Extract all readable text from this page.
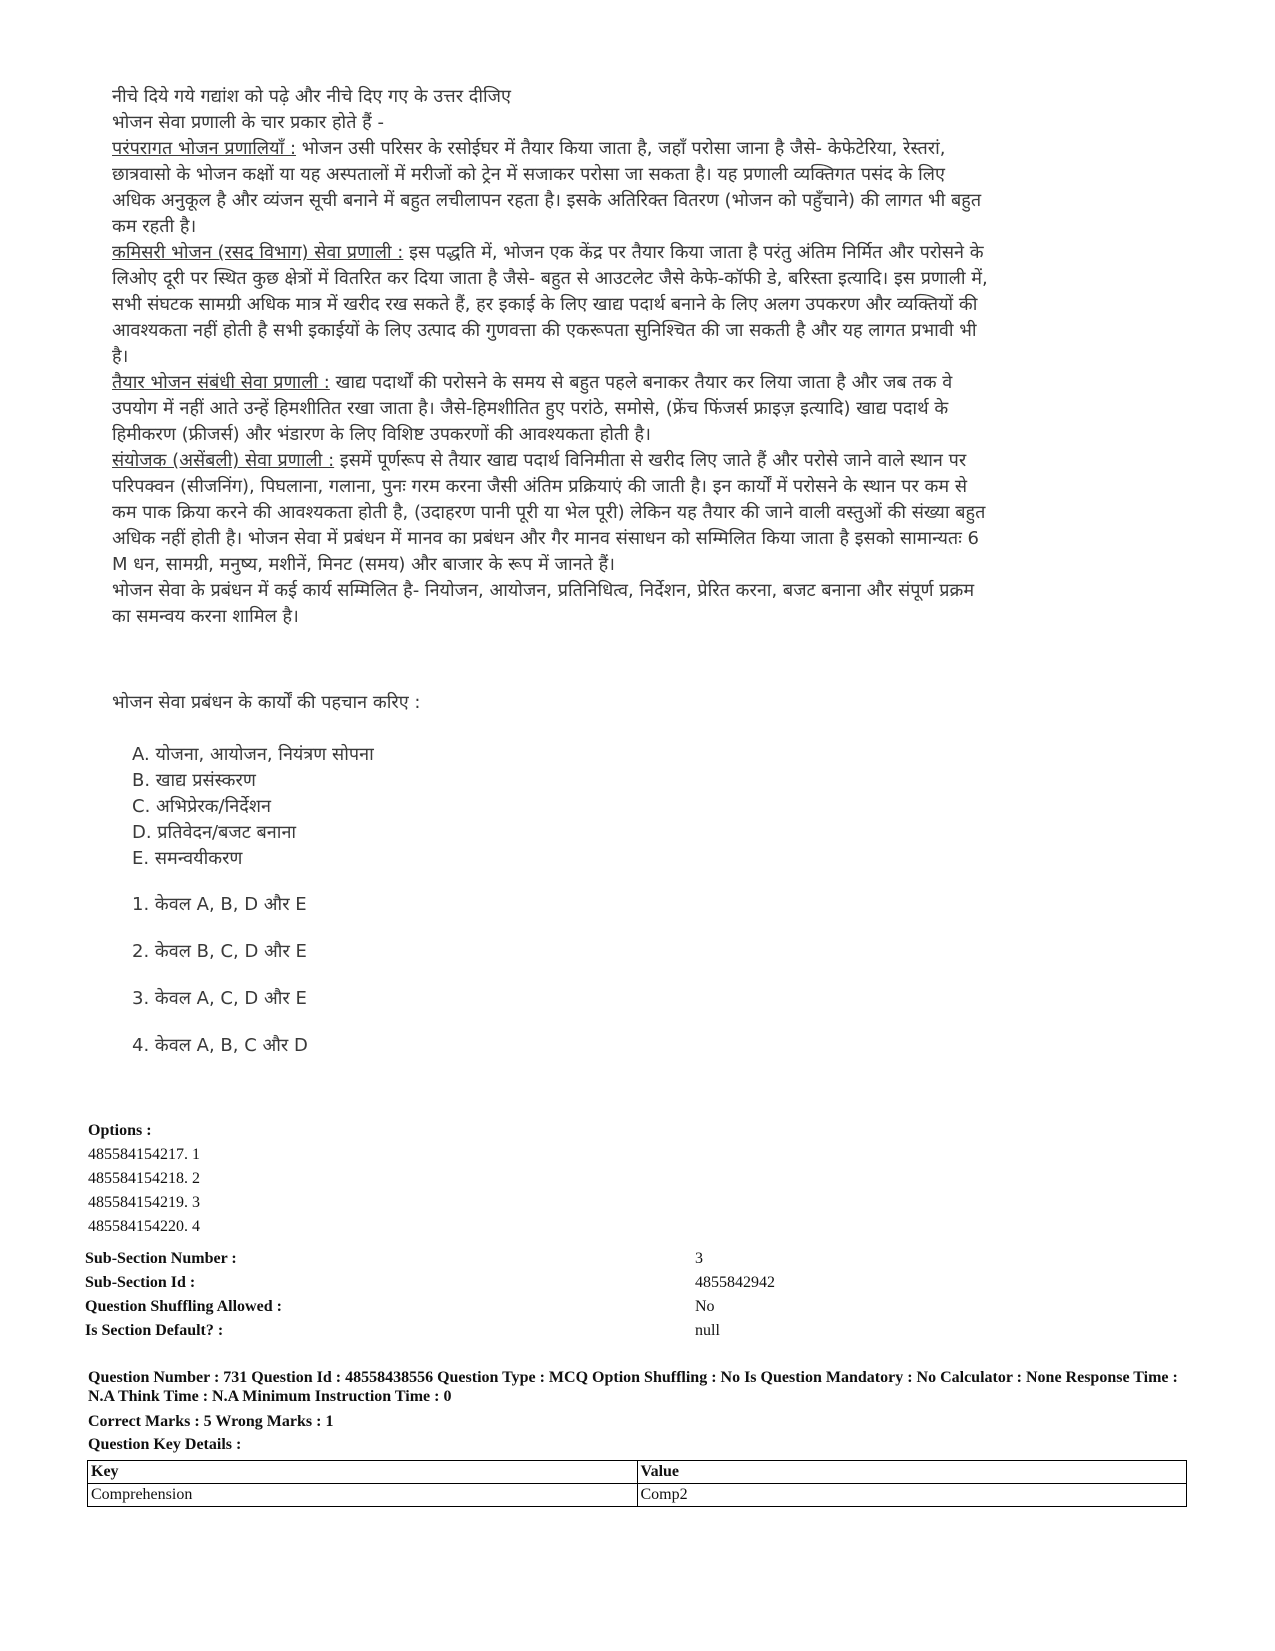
नीचे दिये गये गद्यांश को पढ़े और नीचे दिए गए के उत्तर दीजिए

भोजन सेवा प्रणाली के चार प्रकार होते हैं -

परंपरागत भोजन प्रणालियाँ : भोजन उसी परिसर के रसोईघर में तैयार किया जाता है, जहाँ परोसा जाना है जैसे- केफेटेरिया, रेस्तरां, छात्रवासो के भोजन कक्षों या यह अस्पतालों में मरीजों को ट्रेन में सजाकर परोसा जा सकता है। यह प्रणाली व्यक्तिगत पसंद के लिए अधिक अनुकूल है और व्यंजन सूची बनाने में बहुत लचीलापन रहता है। इसके अतिरिक्त वितरण (भोजन को पहुँचाने) की लागत भी बहुत कम रहती है।

कमिसरी भोजन (रसद विभाग) सेवा प्रणाली : इस पद्धति में, भोजन एक केंद्र पर तैयार किया जाता है परंतु अंतिम निर्मित और परोसने के लिओए दूरी पर स्थित कुछ क्षेत्रों में वितरित कर दिया जाता है जैसे- बहुत से आउटलेट जैसे केफे-कॉफी डे, बरिस्ता इत्यादि। इस प्रणाली में, सभी संघटक सामग्री अधिक मात्र में खरीद रख सकते हैं, हर इकाई के लिए खाद्य पदार्थ बनाने के लिए अलग उपकरण और व्यक्तियों की आवश्यकता नहीं होती है सभी इकाईयों के लिए उत्पाद की गुणवत्ता की एकरूपता सुनिश्चित की जा सकती है और यह लागत प्रभावी भी है।

तैयार भोजन संबंधी सेवा प्रणाली : खाद्य पदार्थों की परोसने के समय से बहुत पहले बनाकर तैयार कर लिया जाता है और जब तक वे उपयोग में नहीं आते उन्हें हिमशीतित रखा जाता है। जैसे-हिमशीतित हुए परांठे, समोसे, (फ्रेंच फिंजर्स फ्राइज़ इत्यादि) खाद्य पदार्थ के हिमीकरण (फ्रीजर्स) और भंडारण के लिए विशिष्ट उपकरणों की आवश्यकता होती है।

संयोजक (असेंबली) सेवा प्रणाली : इसमें पूर्णरूप से तैयार खाद्य पदार्थ विनिमीता से खरीद लिए जाते हैं और परोसे जाने वाले स्थान पर परिपक्वन (सीजनिंग), पिघलाना, गलाना, पुनः गरम करना जैसी अंतिम प्रक्रियाएं की जाती है। इन कार्यों में परोसने के स्थान पर कम से कम पाक क्रिया करने की आवश्यकता होती है, (उदाहरण पानी पूरी या भेल पूरी) लेकिन यह तैयार की जाने वाली वस्तुओं की संख्या बहुत अधिक नहीं होती है। भोजन सेवा में प्रबंधन में मानव का प्रबंधन और गैर मानव संसाधन को सम्मिलित किया जाता है इसको सामान्यतः 6 M धन, सामग्री, मनुष्य, मशीनें, मिनट (समय) और बाजार के रूप में जानते हैं।

भोजन सेवा के प्रबंधन में कई कार्य सम्मिलित है- नियोजन, आयोजन, प्रतिनिधित्व, निर्देशन, प्रेरित करना, बजट बनाना और संपूर्ण प्रक्रम का समन्वय करना शामिल है।

भोजन सेवा प्रबंधन के कार्यों की पहचान करिए :
A. योजना, आयोजन, नियंत्रण सोपना
B. खाद्य प्रसंस्करण
C. अभिप्रेरक/निर्देशन
D. प्रतिवेदन/बजट बनाना
E. समन्वयीकरण
1. केवल A, B, D और E
2. केवल B, C, D और E
3. केवल A, C, D और E
4. केवल A, B, C और D
Options :
485584154217. 1
485584154218. 2
485584154219. 3
485584154220. 4
Sub-Section Number :	3
Sub-Section Id :	4855842942
Question Shuffling Allowed :	No
Is Section Default? :	null
Question Number : 731 Question Id : 48558438556 Question Type : MCQ Option Shuffling : No Is Question Mandatory : No Calculator : None Response Time : N.A Think Time : N.A Minimum Instruction Time : 0
Correct Marks : 5 Wrong Marks : 1
Question Key Details :
Key	Value
Comprehension	Comp2
